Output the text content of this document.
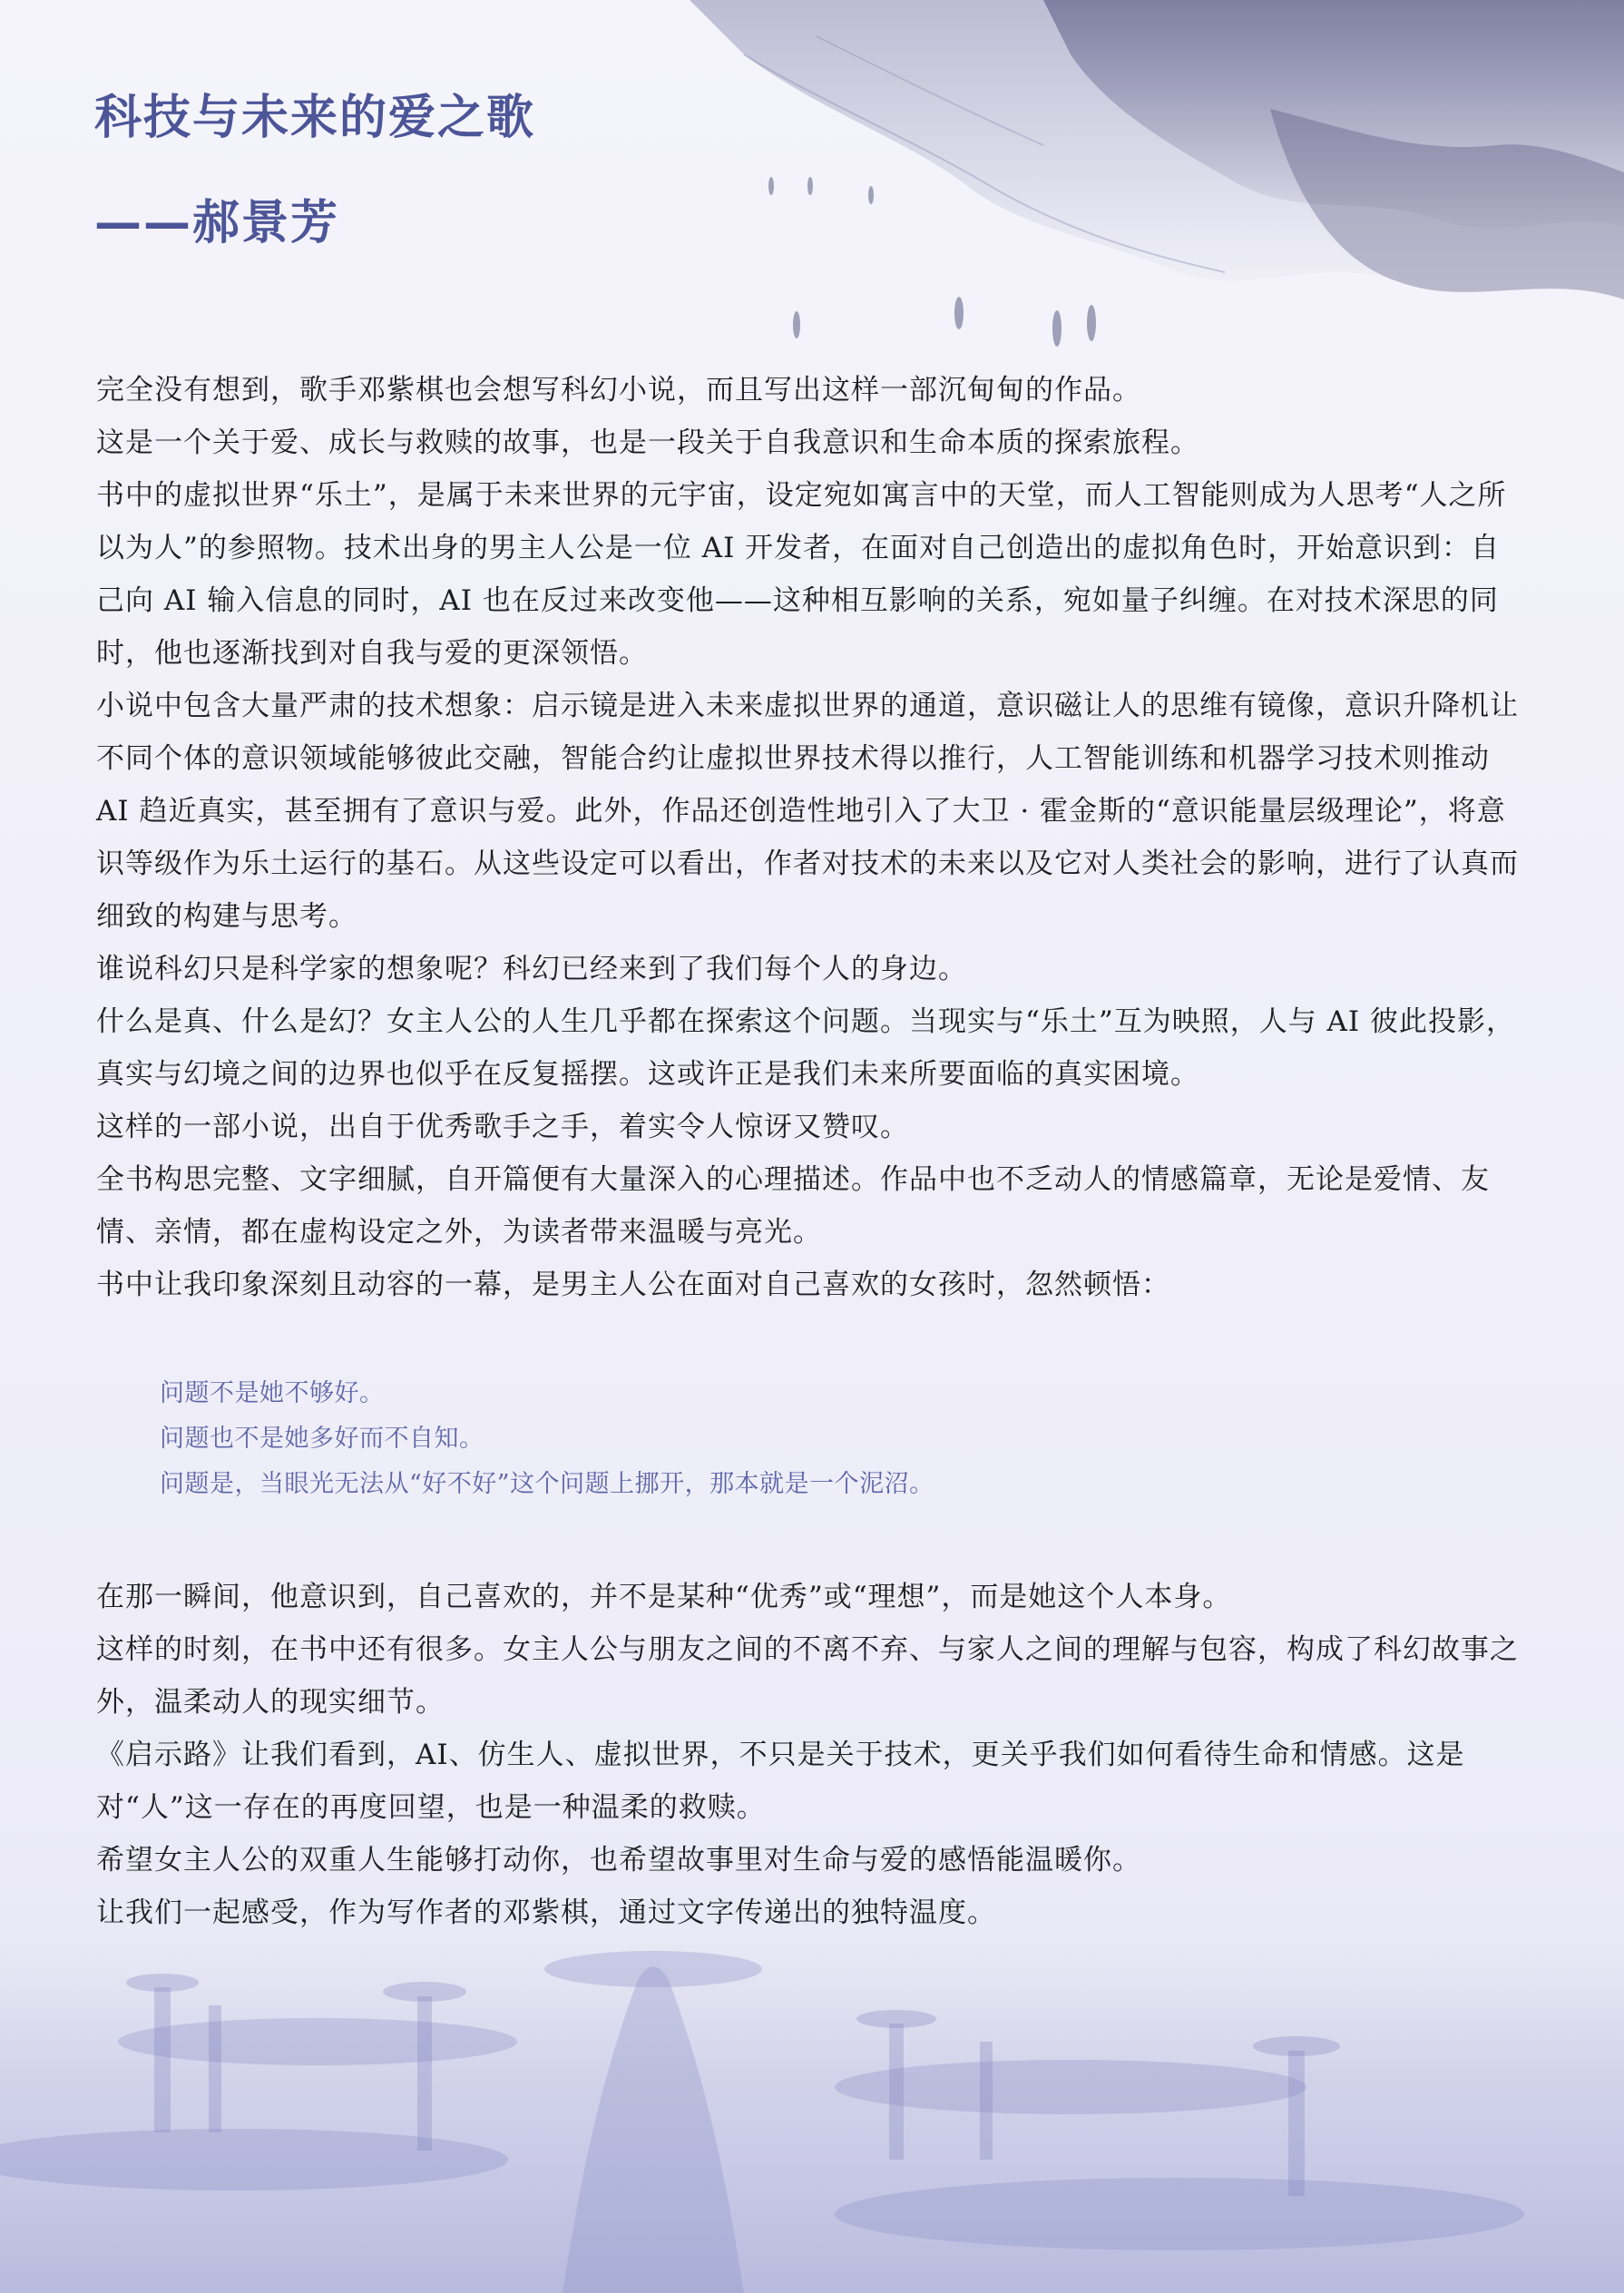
科技与未来的爱之歌
——郝景芳

完全没有想到，歌手邓紫棋也会想写科幻小说，而且写出这样一部沉甸甸的作品。

这是一个关于爱、成长与救赎的故事，也是一段关于自我意识和生命本质的探索旅程。

书中的虚拟世界“乐土”，是属于未来世界的元宇宙，设定宛如寓言中的天堂，而人工智能则成为人思考“人之所以为人”的参照物。技术出身的男主人公是一位 AI 开发者，在面对自己创造出的虚拟角色时，开始意识到：自己向 AI 输入信息的同时，AI 也在反过来改变他——这种相互影响的关系，宛如量子纠缠。在对技术深思的同时，他也逐渐找到对自我与爱的更深领悟。

小说中包含大量严肃的技术想象：启示镜是进入未来虚拟世界的通道，意识磁让人的思维有镜像，意识升降机让不同个体的意识领域能够彼此交融，智能合约让虚拟世界技术得以推行，人工智能训练和机器学习技术则推动 AI 趋近真实，甚至拥有了意识与爱。此外，作品还创造性地引入了大卫 · 霍金斯的“意识能量层级理论”，将意识等级作为乐土运行的基石。从这些设定可以看出，作者对技术的未来以及它对人类社会的影响，进行了认真而细致的构建与思考。

谁说科幻只是科学家的想象呢？科幻已经来到了我们每个人的身边。

什么是真、什么是幻？女主人公的人生几乎都在探索这个问题。当现实与“乐土”互为映照，人与 AI 彼此投影，真实与幻境之间的边界也似乎在反复摇摆。这或许正是我们未来所要面临的真实困境。

这样的一部小说，出自于优秀歌手之手，着实令人惊讶又赞叹。

全书构思完整、文字细腻，自开篇便有大量深入的心理描述。作品中也不乏动人的情感篇章，无论是爱情、友情、亲情，都在虚构设定之外，为读者带来温暖与亮光。

书中让我印象深刻且动容的一幕，是男主人公在面对自己喜欢的女孩时，忽然顿悟：

问题不是她不够好。

问题也不是她多好而不自知。

问题是，当眼光无法从“好不好”这个问题上挪开，那本就是一个泥沼。

在那一瞬间，他意识到，自己喜欢的，并不是某种“优秀”或“理想”，而是她这个人本身。

这样的时刻，在书中还有很多。女主人公与朋友之间的不离不弃、与家人之间的理解与包容，构成了科幻故事之外，温柔动人的现实细节。

《启示路》让我们看到，AI、仿生人、虚拟世界，不只是关于技术，更关乎我们如何看待生命和情感。这是对“人”这一存在的再度回望，也是一种温柔的救赎。

希望女主人公的双重人生能够打动你，也希望故事里对生命与爱的感悟能温暖你。

让我们一起感受，作为写作者的邓紫棋，通过文字传递出的独特温度。
